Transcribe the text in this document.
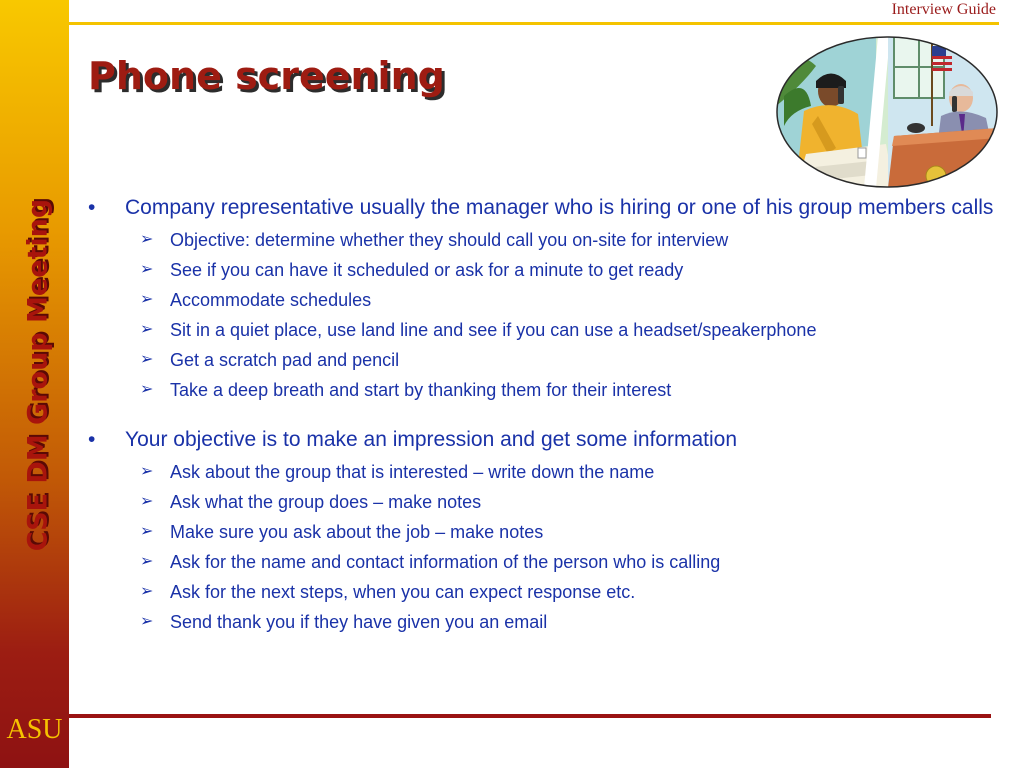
CSE DM Group Meeting
ASU
Interview Guide
Phone screening
•	Company representative usually the manager who is hiring or one of his group members calls
➢ Objective: determine whether they should call you on-site for interview
➢ See if you can have it scheduled or ask for a minute to get ready
➢ Accommodate schedules
➢ Sit in a quiet place, use land line and see if you can use a headset/speakerphone
➢ Get a scratch pad and pencil
➢ Take a deep breath and start by thanking them for their interest
•	Your objective is to make an impression and get some information
➢ Ask about the group that is interested – write down the name
➢ Ask what the group does – make notes
➢ Make sure you ask about the job – make notes
➢ Ask for the name and contact information of the person who is calling
➢ Ask for the next steps, when you can expect response etc.
➢ Send thank you if they have given you an email
